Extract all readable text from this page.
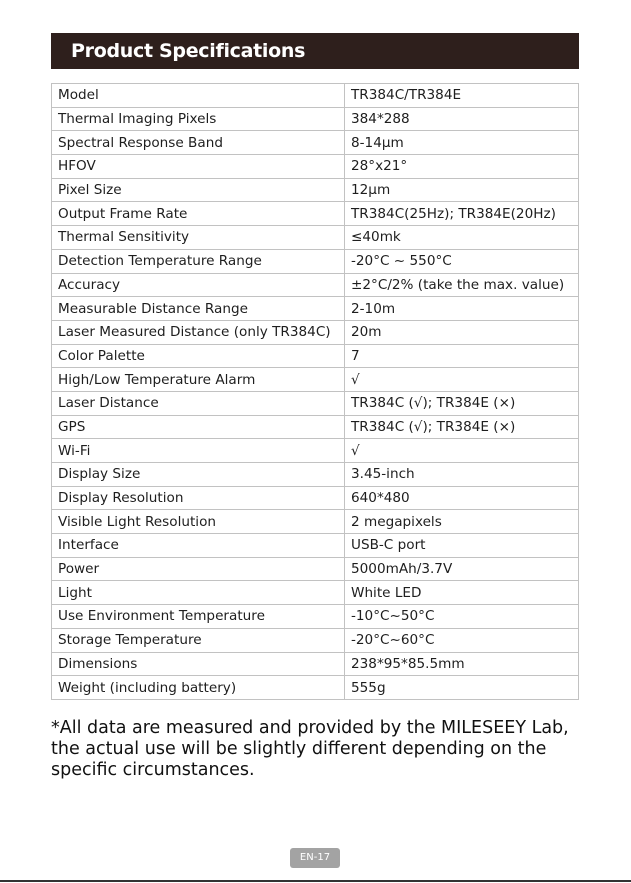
Product Specifications
Model	TR384C/TR384E
Thermal Imaging Pixels	384*288
Spectral Response Band	8-14μm
HFOV	28°x21°
Pixel Size	12μm
Output Frame Rate	TR384C(25Hz); TR384E(20Hz)
Thermal Sensitivity	≤40mk
Detection Temperature Range	-20°C ~ 550°C
Accuracy	±2°C/2% (take the max. value)
Measurable Distance Range	2-10m
Laser Measured Distance (only TR384C)	20m
Color Palette	7
High/Low Temperature Alarm	√
Laser Distance	TR384C (√); TR384E (×)
GPS	TR384C (√); TR384E (×)
Wi-Fi	√
Display Size	3.45-inch
Display Resolution	640*480
Visible Light Resolution	2 megapixels
Interface	USB-C port
Power	5000mAh/3.7V
Light	White LED
Use Environment Temperature	-10°C~50°C
Storage Temperature	-20°C~60°C
Dimensions	238*95*85.5mm
Weight (including battery)	555g
*All data are measured and provided by the MILESEEY Lab, the actual use will be slightly different depending on the specific circumstances.
EN-17
